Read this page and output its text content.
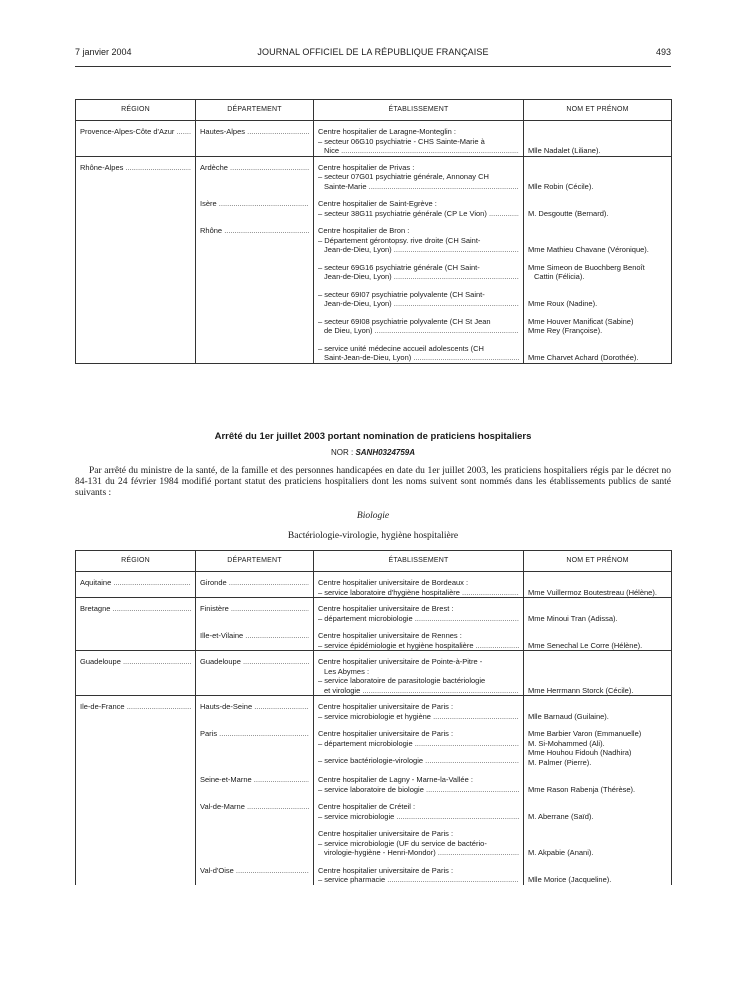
7 janvier 2004	JOURNAL OFFICIEL DE LA RÉPUBLIQUE FRANÇAISE	493
RÉGION	DÉPARTEMENT	ÉTABLISSEMENT	NOM ET PRÉNOM

Provence-Alpes-Côte d'Azur .....	Hautes-Alpes .....	Centre hospitalier de Laragne-Monteglin :
– secteur 06G10 psychiatrie - CHS Sainte-Marie à
Nice .....	Mlle Nadalet (Liliane).

Rhône-Alpes .....	Ardèche .....	Centre hospitalier de Privas :
– secteur 07G01 psychiatrie générale, Annonay CH
Sainte-Marie .....	Mlle Robin (Cécile).

	Isère .....	Centre hospitalier de Saint-Egrève :
– secteur 38G11 psychiatrie générale (CP Le Vion) .....	M. Desgoutte (Bernard).

	Rhône .....	Centre hospitalier de Bron :
– Département gérontopsy. rive droite (CH Saint-
Jean-de-Dieu, Lyon) .....	Mme Mathieu Chavane (Véronique).

		– secteur 69G16 psychiatrie générale (CH Saint-
Jean-de-Dieu, Lyon) .....	Mme Simeon de Buochberg Benoît
Cattin (Félicia).

		– secteur 69I07 psychiatrie polyvalente (CH Saint-
Jean-de-Dieu, Lyon) .....	Mme Roux (Nadine).

		– secteur 69I08 psychiatrie polyvalente (CH St Jean
de Dieu, Lyon) .....	Mme Houver Manificat (Sabine)
Mme Rey (Françoise).

		– service unité médecine accueil adolescents (CH
Saint-Jean-de-Dieu, Lyon) .....	Mme Charvet Achard (Dorothée).
Arrêté du 1er juillet 2003 portant nomination de praticiens hospitaliers
NOR : SANH0324759A

Par arrêté du ministre de la santé, de la famille et des personnes handicapées en date du 1er juillet 2003, les praticiens hospitaliers régis par le décret no 84-131 du 24 février 1984 modifié portant statut des praticiens hospitaliers dont les noms suivent sont nommés dans les établissements publics de santé suivants :

Biologie
Bactériologie-virologie, hygiène hospitalière
RÉGION	DÉPARTEMENT	ÉTABLISSEMENT	NOM ET PRÉNOM

Aquitaine .....	Gironde .....	Centre hospitalier universitaire de Bordeaux :
– service laboratoire d'hygiène hospitalière .....	Mme Vuillermoz Boutestreau (Hélène).

Bretagne .....	Finistère .....	Centre hospitalier universitaire de Brest :
– département microbiologie .....	Mme Minoui Tran (Adissa).

	Ille-et-Vilaine .....	Centre hospitalier universitaire de Rennes :
– service épidémiologie et hygiène hospitalière .....	Mme Senechal Le Corre (Hélène).

Guadeloupe .....	Guadeloupe .....	Centre hospitalier universitaire de Pointe-à-Pitre -
Les Abymes :
– service laboratoire de parasitologie bactériologie
et virologie .....	Mme Herrmann Storck (Cécile).

Ile-de-France .....	Hauts-de-Seine .....	Centre hospitalier universitaire de Paris :
– service microbiologie et hygiène .....	Mlle Barnaud (Guilaine).

	Paris .....	Centre hospitalier universitaire de Paris :
– département microbiologie .....	Mme Barbier Varon (Emmanuelle)
M. Si-Mohammed (Ali).

		– service bactériologie-virologie .....	Mme Houhou Fidouh (Nadhira)
M. Palmer (Pierre).

	Seine-et-Marne .....	Centre hospitalier de Lagny - Marne-la-Vallée :
– service laboratoire de biologie .....	Mme Rason Rabenja (Thérèse).

	Val-de-Marne .....	Centre hospitalier de Créteil :
– service microbiologie .....	M. Aberrane (Saïd).

		Centre hospitalier universitaire de Paris :
– service microbiologie (UF du service de bactério-
virologie-hygiène - Henri-Mondor) .....	M. Akpabie (Anani).

	Val-d'Oise .....	Centre hospitalier universitaire de Paris :
– service pharmacie .....	Mlle Morice (Jacqueline).
